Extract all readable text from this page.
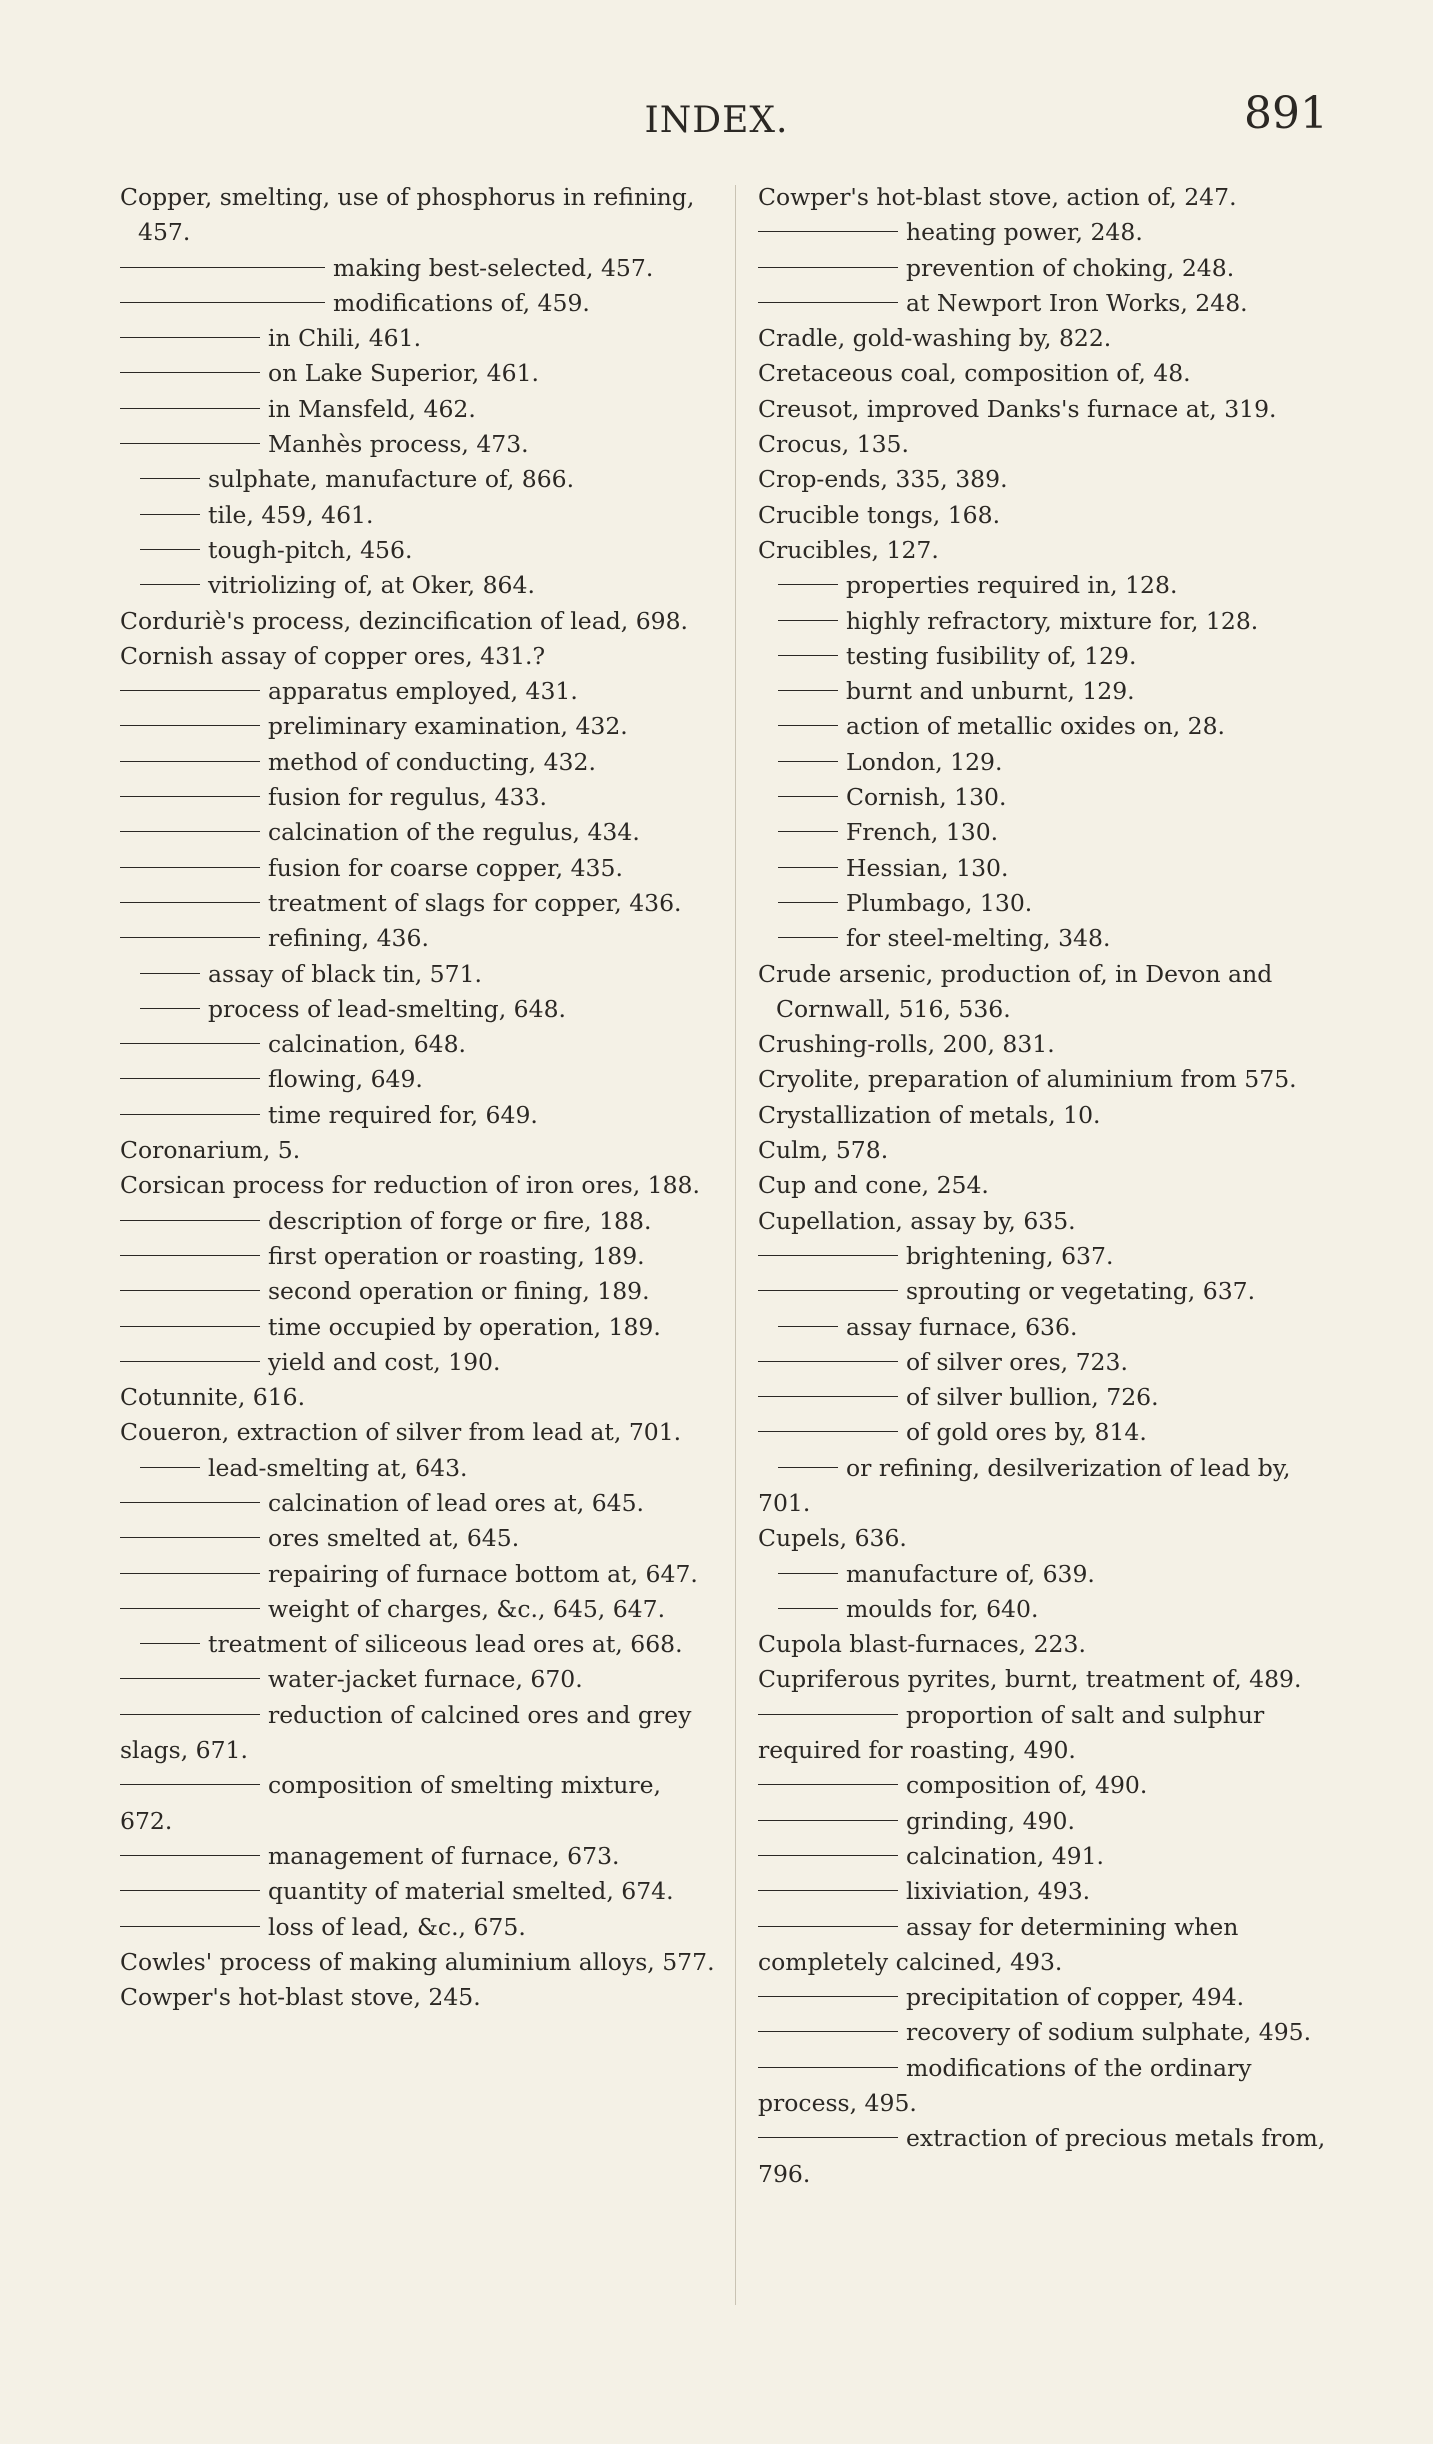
INDEX.	891
Copper, smelting, use of phosphorus in refining, 457.
making best-selected, 457.
modifications of, 459.
in Chili, 461.
on Lake Superior, 461.
in Mansfeld, 462.
Manhès process, 473.
sulphate, manufacture of, 866.
tile, 459, 461.
tough-pitch, 456.
vitriolizing of, at Oker, 864.
Corduriè's process, dezincification of lead, 698.
Cornish assay of copper ores, 431.?
apparatus employed, 431.
preliminary examination, 432.
method of conducting, 432.
fusion for regulus, 433.
calcination of the regulus, 434.
fusion for coarse copper, 435.
treatment of slags for copper, 436.
refining, 436.
assay of black tin, 571.
process of lead-smelting, 648.
calcination, 648.
flowing, 649.
time required for, 649.
Coronarium, 5.
Corsican process for reduction of iron ores, 188.
description of forge or fire, 188.
first operation or roasting, 189.
second operation or fining, 189.
time occupied by operation, 189.
yield and cost, 190.
Cotunnite, 616.
Coueron, extraction of silver from lead at, 701.
lead-smelting at, 643.
calcination of lead ores at, 645.
ores smelted at, 645.
repairing of furnace bottom at, 647.
weight of charges, &c., 645, 647.
treatment of siliceous lead ores at, 668.
water-jacket furnace, 670.
reduction of calcined ores and grey slags, 671.
composition of smelting mixture, 672.
management of furnace, 673.
quantity of material smelted, 674.
loss of lead, &c., 675.
Cowles' process of making aluminium alloys, 577.
Cowper's hot-blast stove, 245.
Cowper's hot-blast stove, action of, 247.
heating power, 248.
prevention of choking, 248.
at Newport Iron Works, 248.
Cradle, gold-washing by, 822.
Cretaceous coal, composition of, 48.
Creusot, improved Danks's furnace at, 319.
Crocus, 135.
Crop-ends, 335, 389.
Crucible tongs, 168.
Crucibles, 127.
properties required in, 128.
highly refractory, mixture for, 128.
testing fusibility of, 129.
burnt and unburnt, 129.
action of metallic oxides on, 28.
London, 129.
Cornish, 130.
French, 130.
Hessian, 130.
Plumbago, 130.
for steel-melting, 348.
Crude arsenic, production of, in Devon and Cornwall, 516, 536.
Crushing-rolls, 200, 831.
Cryolite, preparation of aluminium from 575.
Crystallization of metals, 10.
Culm, 578.
Cup and cone, 254.
Cupellation, assay by, 635.
brightening, 637.
sprouting or vegetating, 637.
assay furnace, 636.
of silver ores, 723.
of silver bullion, 726.
of gold ores by, 814.
or refining, desilverization of lead by, 701.
Cupels, 636.
manufacture of, 639.
moulds for, 640.
Cupola blast-furnaces, 223.
Cupriferous pyrites, burnt, treatment of, 489.
proportion of salt and sulphur required for roasting, 490.
composition of, 490.
grinding, 490.
calcination, 491.
lixiviation, 493.
assay for determining when completely calcined, 493.
precipitation of copper, 494.
recovery of sodium sulphate, 495.
modifications of the ordinary process, 495.
extraction of precious metals from, 796.
